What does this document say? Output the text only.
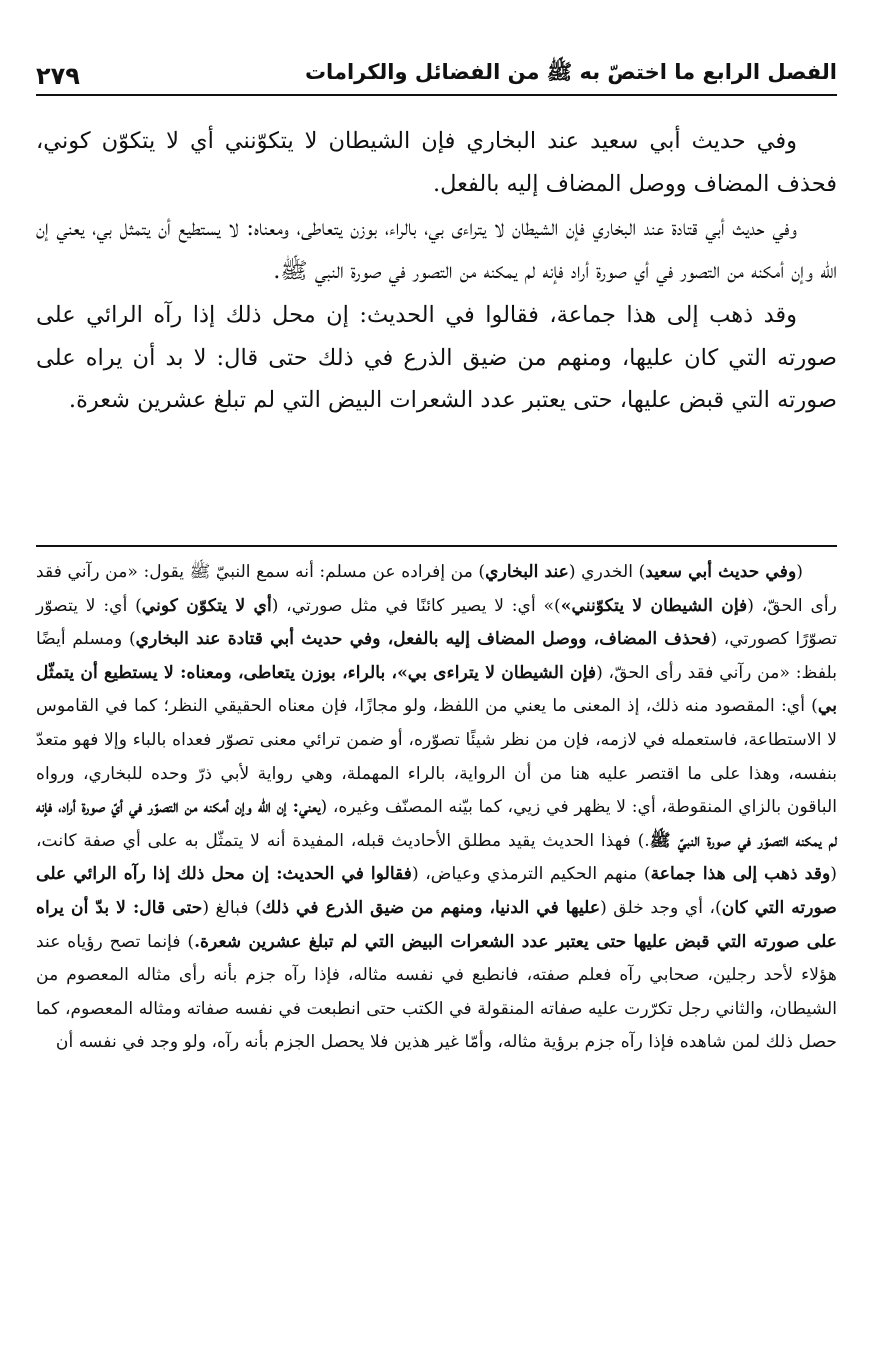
الفصل الرابع ما اختصّ به ﷺ من الفضائل والكرامات
٢٧٩

وفي حديث أبي سعيد عند البخاري فإن الشيطان لا يتكوّنني أي لا يتكوّن كوني، فحذف المضاف ووصل المضاف إليه بالفعل.

وفي حديث أبي قتادة عند البخاري فإن الشيطان لا يتراءى بي، بالراء، بوزن يتعاطى، ومعناه: لا يستطيع أن يتمثل بي، يعني إن الله وإن أمكنه من التصور في أي صورة أراد فإنه لم يمكنه من التصور في صورة النبي ﷺ.

وقد ذهب إلى هذا جماعة، فقالوا في الحديث: إن محل ذلك إذا رآه الرائي على صورته التي كان عليها، ومنهم من ضيق الذرع في ذلك حتى قال: لا بد أن يراه على صورته التي قبض عليها، حتى يعتبر عدد الشعرات البيض التي لم تبلغ عشرين شعرة.

(وفي حديث أبي سعيد) الخدري (عند البخاري) من إفراده عن مسلم: أنه سمع النبيّ ﷺ يقول: «من رآني فقد رأى الحقّ، (فإن الشيطان لا يتكوّنني»)» أي: لا يصير كائنًا في مثل صورتي، (أي لا يتكوّن كوني) أي: لا يتصوّر تصوّرًا كصورتي، (فحذف المضاف، ووصل المضاف إليه بالفعل، وفي حديث أبي قتادة عند البخاري) ومسلم أيضًا بلفظ: «من رآني فقد رأى الحقّ، (فإن الشيطان لا يتراءى بي»، بالراء، بوزن يتعاطى، ومعناه: لا يستطيع أن يتمثّل بي) أي: المقصود منه ذلك، إذ المعنى ما يعني من اللفظ، ولو مجازًا، فإن معناه الحقيقي النظر؛ كما في القاموس لا الاستطاعة، فاستعمله في لازمه، فإن من نظر شيئًا تصوّره، أو ضمن ترائي معنى تصوّر فعداه بالباء وإلا فهو متعدّ بنفسه، وهذا على ما اقتصر عليه هنا من أن الرواية، بالراء المهملة، وهي رواية لأبي ذرّ وحده للبخاري، ورواه الباقون بالزاي المنقوطة، أي: لا يظهر في زيي، كما بيّنه المصنّف وغيره، (يعني: إن الله وإن أمكنه من التصوّر في أيّ صورة أراد، فإنه لم يمكنه التصوّر في صورة النبيّ ﷺ.) فهذا الحديث يقيد مطلق الأحاديث قبله، المفيدة أنه لا يتمثّل به على أي صفة كانت، (وقد ذهب إلى هذا جماعة) منهم الحكيم الترمذي وعياض، (فقالوا في الحديث: إن محل ذلك إذا رآه الرائي على صورته التي كان)، أي وجد خلق (عليها في الدنيا، ومنهم من ضيق الذرع في ذلك) فبالغ (حتى قال: لا بدّ أن يراه على صورته التي قبض عليها حتى يعتبر عدد الشعرات البيض التي لم تبلغ عشرين شعرة.) فإنما تصح رؤياه عند هؤلاء لأحد رجلين، صحابي رآه فعلم صفته، فانطبع في نفسه مثاله، فإذا رآه جزم بأنه رأى مثاله المعصوم من الشيطان، والثاني رجل تكرّرت عليه صفاته المنقولة في الكتب حتى انطبعت في نفسه صفاته ومثاله المعصوم، كما حصل ذلك لمن شاهده فإذا رآه جزم برؤية مثاله، وأمّا غير هذين فلا يحصل الجزم بأنه رآه، ولو وجد في نفسه أن
